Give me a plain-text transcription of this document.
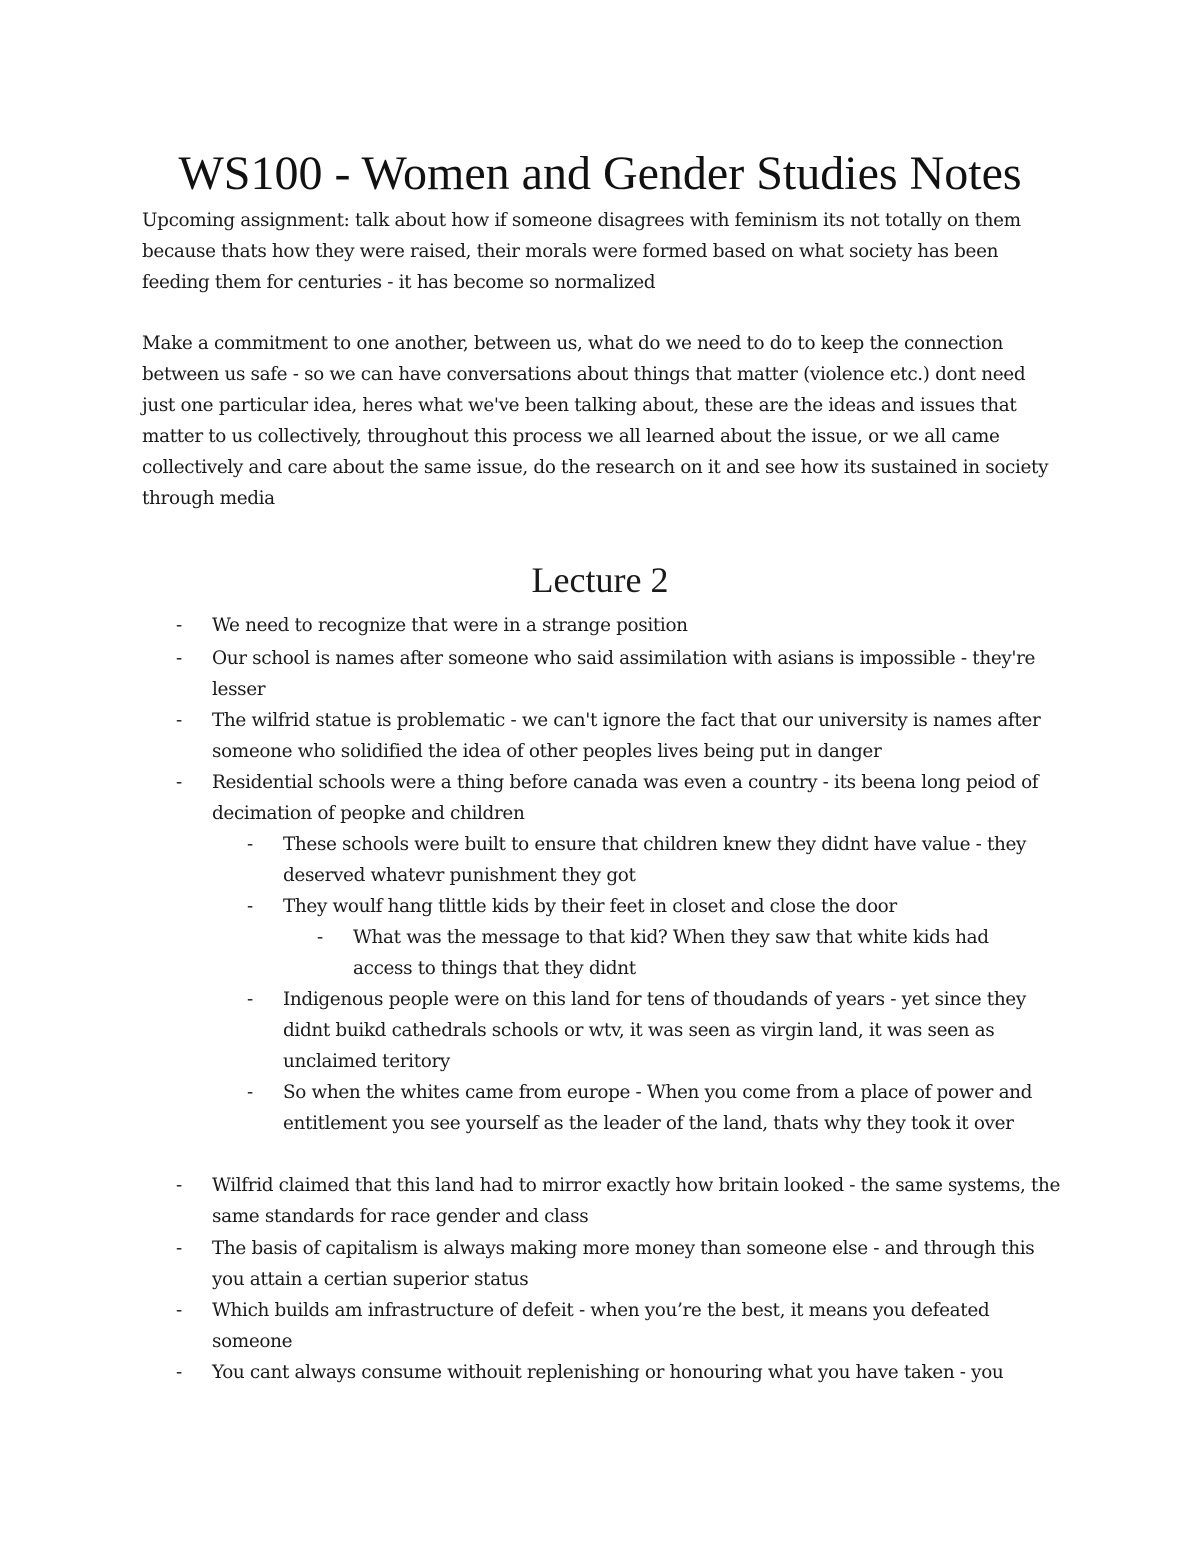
WS100 - Women and Gender Studies Notes

Upcoming assignment: talk about how if someone disagrees with feminism its not totally on them because thats how they were raised, their morals were formed based on what society has been feeding them for centuries - it has become so normalized

Make a commitment to one another, between us, what do we need to do to keep the connection between us safe - so we can have conversations about things that matter (violence etc.) dont need just one particular idea, heres what we've been talking about, these are the ideas and issues that matter to us collectively, throughout this process we all learned about the issue, or we all came collectively and care about the same issue, do the research on it and see how its sustained in society through media

Lecture 2
-	We need to recognize that were in a strange position
-	Our school is names after someone who said assimilation with asians is impossible - they're lesser
-	The wilfrid statue is problematic - we can't ignore the fact that our university is names after someone who solidified the idea of other peoples lives being put in danger
-	Residential schools were a thing before canada was even a country - its beena long peiod of decimation of peopke and children
-	These schools were built to ensure that children knew they didnt have value - they deserved whatevr punishment they got
-	They woulf hang tlittle kids by their feet in closet and close the door
-	What was the message to that kid? When they saw that white kids had access to things that they didnt
-	Indigenous people were on this land for tens of thoudands of years - yet since they didnt buikd cathedrals schools or wtv, it was seen as virgin land, it was seen as unclaimed teritory
-	So when the whites came from europe - When you come from a place of power and entitlement you see yourself as the leader of the land, thats why they took it over
-	Wilfrid claimed that this land had to mirror exactly how britain looked - the same systems, the same standards for race gender and class
-	The basis of capitalism is always making more money than someone else - and through this you attain a certian superior status
-	Which builds am infrastructure of defeit - when you’re the best, it means you defeated someone
-	You cant always consume withouit replenishing or honouring what you have taken - you
